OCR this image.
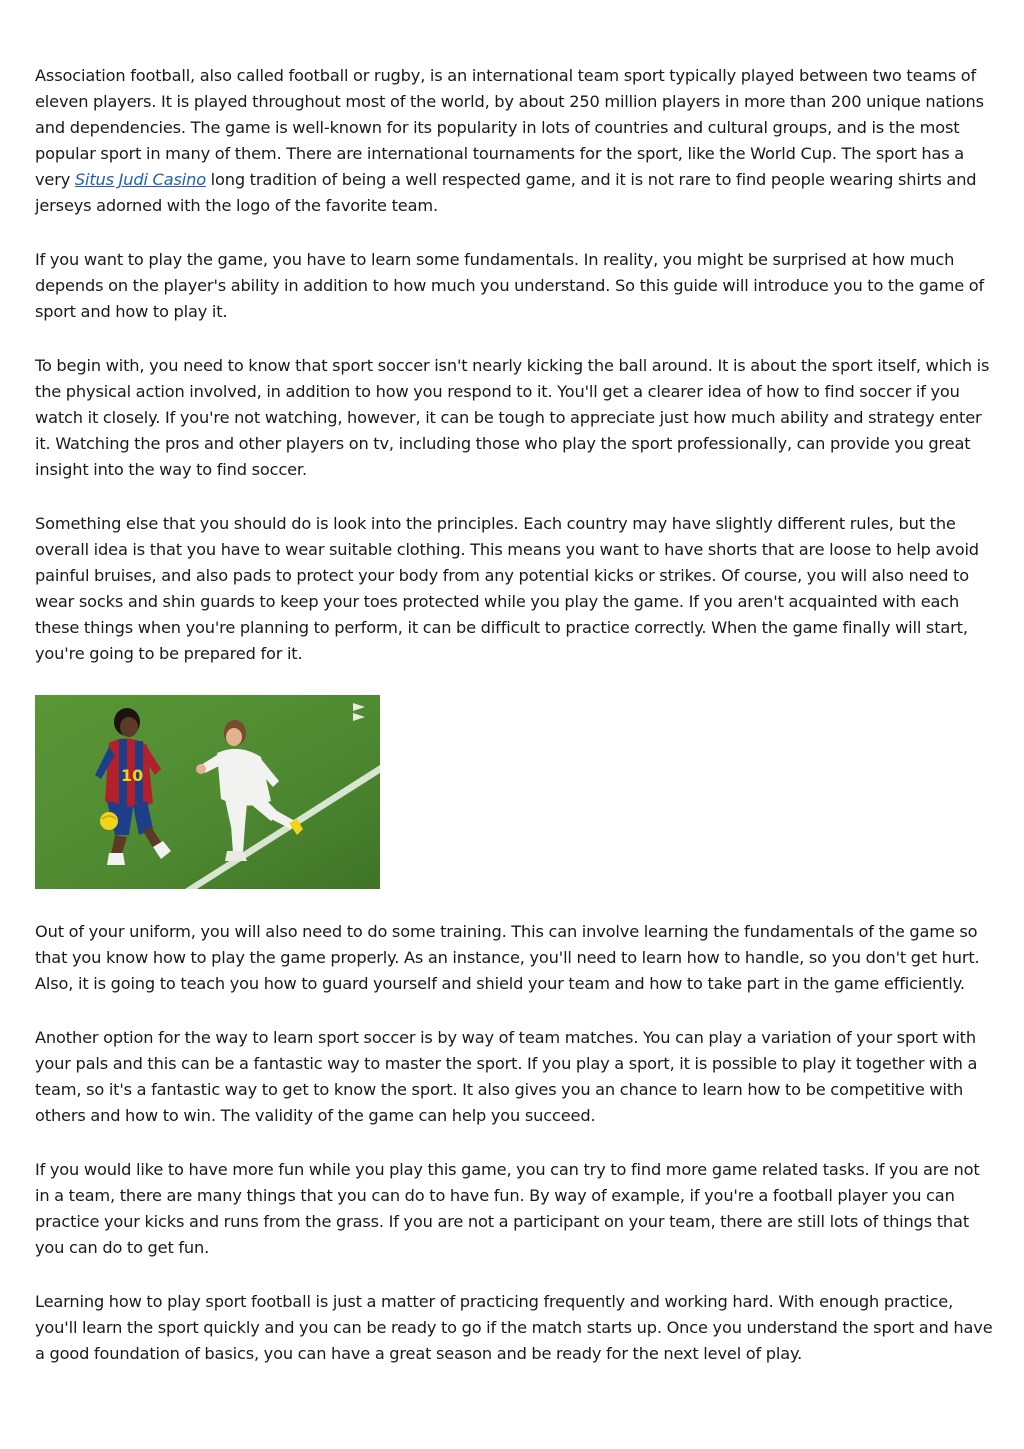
Association football, also called football or rugby, is an international team sport typically played between two teams of eleven players. It is played throughout most of the world, by about 250 million players in more than 200 unique nations and dependencies. The game is well-known for its popularity in lots of countries and cultural groups, and is the most popular sport in many of them. There are international tournaments for the sport, like the World Cup. The sport has a very Situs Judi Casino long tradition of being a well respected game, and it is not rare to find people wearing shirts and jerseys adorned with the logo of the favorite team.

If you want to play the game, you have to learn some fundamentals. In reality, you might be surprised at how much depends on the player's ability in addition to how much you understand. So this guide will introduce you to the game of sport and how to play it.

To begin with, you need to know that sport soccer isn't nearly kicking the ball around. It is about the sport itself, which is the physical action involved, in addition to how you respond to it. You'll get a clearer idea of how to find soccer if you watch it closely. If you're not watching, however, it can be tough to appreciate just how much ability and strategy enter it. Watching the pros and other players on tv, including those who play the sport professionally, can provide you great insight into the way to find soccer.

Something else that you should do is look into the principles. Each country may have slightly different rules, but the overall idea is that you have to wear suitable clothing. This means you want to have shorts that are loose to help avoid painful bruises, and also pads to protect your body from any potential kicks or strikes. Of course, you will also need to wear socks and shin guards to keep your toes protected while you play the game. If you aren't acquainted with each these things when you're planning to perform, it can be difficult to practice correctly. When the game finally will start, you're going to be prepared for it.

10

Out of your uniform, you will also need to do some training. This can involve learning the fundamentals of the game so that you know how to play the game properly. As an instance, you'll need to learn how to handle, so you don't get hurt. Also, it is going to teach you how to guard yourself and shield your team and how to take part in the game efficiently.

Another option for the way to learn sport soccer is by way of team matches. You can play a variation of your sport with your pals and this can be a fantastic way to master the sport. If you play a sport, it is possible to play it together with a team, so it's a fantastic way to get to know the sport. It also gives you an chance to learn how to be competitive with others and how to win. The validity of the game can help you succeed.

If you would like to have more fun while you play this game, you can try to find more game related tasks. If you are not in a team, there are many things that you can do to have fun. By way of example, if you're a football player you can practice your kicks and runs from the grass. If you are not a participant on your team, there are still lots of things that you can do to get fun.

Learning how to play sport football is just a matter of practicing frequently and working hard. With enough practice, you'll learn the sport quickly and you can be ready to go if the match starts up. Once you understand the sport and have a good foundation of basics, you can have a great season and be ready for the next level of play.
